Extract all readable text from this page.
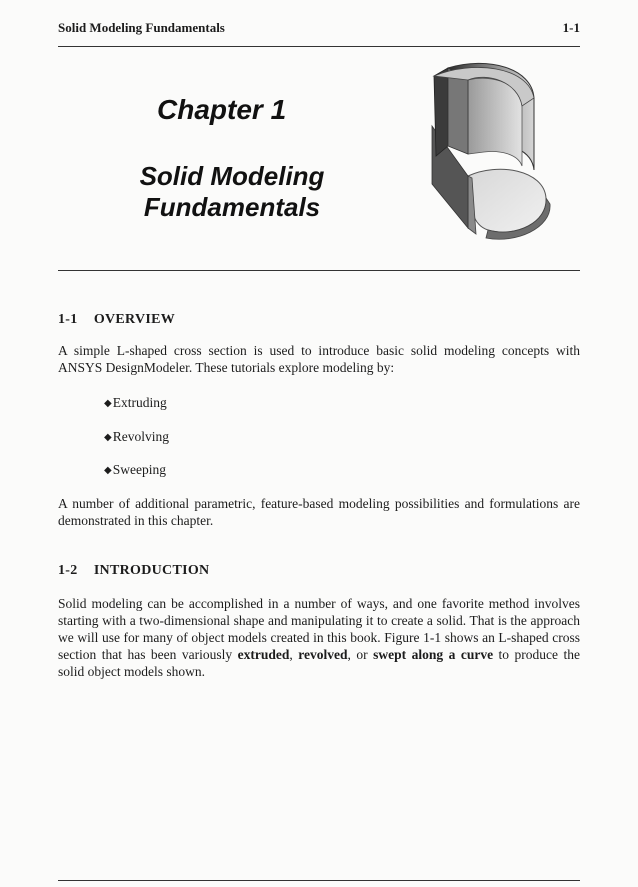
Solid Modeling Fundamentals	1-1
Chapter 1
Solid Modeling
Fundamentals
1-1 OVERVIEW
A simple L-shaped cross section is used to introduce basic solid modeling concepts with ANSYS DesignModeler. These tutorials explore modeling by:
◆Extruding
◆Revolving
◆Sweeping
A number of additional parametric, feature-based modeling possibilities and formulations are demonstrated in this chapter.
1-2 INTRODUCTION
Solid modeling can be accomplished in a number of ways, and one favorite method involves starting with a two-dimensional shape and manipulating it to create a solid. That is the approach we will use for many of object models created in this book. Figure 1-1 shows an L-shaped cross section that has been variously extruded, revolved, or swept along a curve to produce the solid object models shown.
